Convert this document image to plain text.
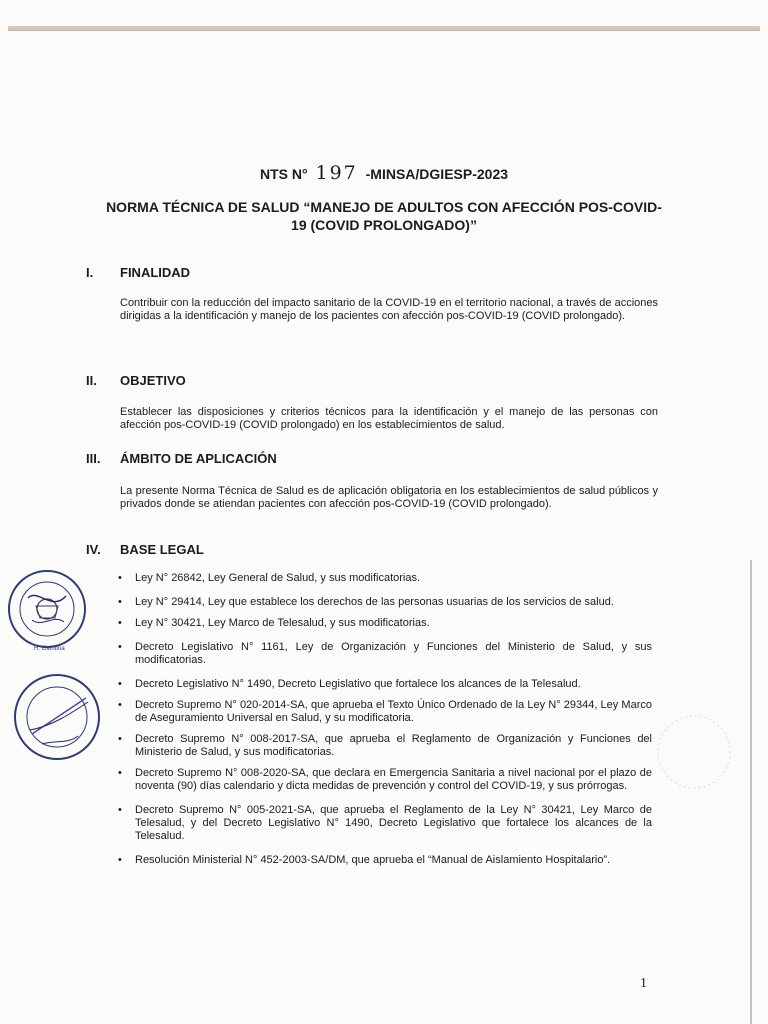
NTS N° 197 -MINSA/DGIESP-2023
NORMA TÉCNICA DE SALUD “MANEJO DE ADULTOS CON AFECCIÓN POS-COVID-19 (COVID PROLONGADO)”
I. FINALIDAD
Contribuir con la reducción del impacto sanitario de la COVID-19 en el territorio nacional, a través de acciones dirigidas a la identificación y manejo de los pacientes con afección pos-COVID-19 (COVID prolongado).
II. OBJETIVO
Establecer las disposiciones y criterios técnicos para la identificación y el manejo de las personas con afección pos-COVID-19 (COVID prolongado) en los establecimientos de salud.
III. ÁMBITO DE APLICACIÓN
La presente Norma Técnica de Salud es de aplicación obligatoria en los establecimientos de salud públicos y privados donde se atiendan pacientes con afección pos-COVID-19 (COVID prolongado).
IV. BASE LEGAL
• Ley N° 26842, Ley General de Salud, y sus modificatorias.
• Ley N° 29414, Ley que establece los derechos de las personas usuarias de los servicios de salud.
• Ley N° 30421, Ley Marco de Telesalud, y sus modificatorias.
• Decreto Legislativo N° 1161, Ley de Organización y Funciones del Ministerio de Salud, y sus modificatorias.
• Decreto Legislativo N° 1490, Decreto Legislativo que fortalece los alcances de la Telesalud.
• Decreto Supremo N° 020-2014-SA, que aprueba el Texto Único Ordenado de la Ley N° 29344, Ley Marco de Aseguramiento Universal en Salud, y su modificatoria.
• Decreto Supremo N° 008-2017-SA, que aprueba el Reglamento de Organización y Funciones del Ministerio de Salud, y sus modificatorias.
• Decreto Supremo N° 008-2020-SA, que declara en Emergencia Sanitaria a nivel nacional por el plazo de noventa (90) días calendario y dicta medidas de prevención y control del COVID-19, y sus prórrogas.
• Decreto Supremo N° 005-2021-SA, que aprueba el Reglamento de la Ley N° 30421, Ley Marco de Telesalud, y del Decreto Legislativo N° 1490, Decreto Legislativo que fortalece los alcances de la Telesalud.
• Resolución Ministerial N° 452-2003-SA/DM, que aprueba el “Manual de Aislamiento Hospitalario”.
H. Gamboa
1
